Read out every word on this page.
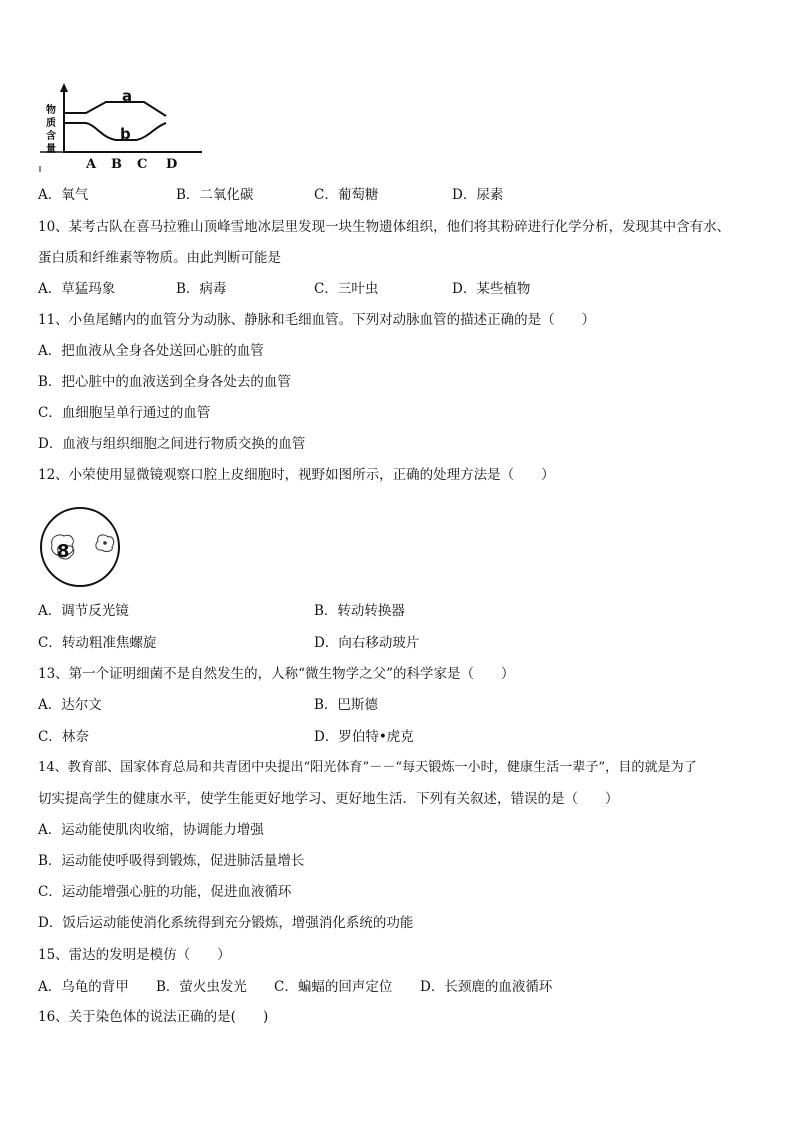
物
质
含
量
a
b
A B C D
A．氧气	B．二氧化碳	C．葡萄糖	D．尿素
10、某考古队在喜马拉雅山顶峰雪地冰层里发现一块生物遗体组织，他们将其粉碎进行化学分析，发现其中含有水、
蛋白质和纤维素等物质。由此判断可能是
A．草猛玛象	B．病毒	C．三叶虫	D．某些植物
11、小鱼尾鳍内的血管分为动脉、静脉和毛细血管。下列对动脉血管的描述正确的是（　　）
A．把血液从全身各处送回心脏的血管
B．把心脏中的血液送到全身各处去的血管
C．血细胞呈单行通过的血管
D．血液与组织细胞之间进行物质交换的血管
12、小荣使用显微镜观察口腔上皮细胞时，视野如图所示，正确的处理方法是（　　）
8
A．调节反光镜	B．转动转换器
C．转动粗准焦螺旋	D．向右移动玻片
13、第一个证明细菌不是自然发生的，人称“微生物学之父”的科学家是（　　）
A．达尔文	B．巴斯德
C．林奈	D．罗伯特•虎克
14、教育部、国家体育总局和共青团中央提出“阳光体育”－－“每天锻炼一小时，健康生活一辈子”，目的就是为了
切实提高学生的健康水平，使学生能更好地学习、更好地生活．下列有关叙述，错误的是（　　）
A．运动能使肌肉收缩，协调能力增强
B．运动能使呼吸得到锻炼，促进肺活量增长
C．运动能增强心脏的功能，促进血液循环
D．饭后运动能使消化系统得到充分锻炼，增强消化系统的功能
15、雷达的发明是模仿（　　）
A．乌龟的背甲 B．萤火虫发光 C．蝙蝠的回声定位 D．长颈鹿的血液循环
16、关于染色体的说法正确的是(　　)
